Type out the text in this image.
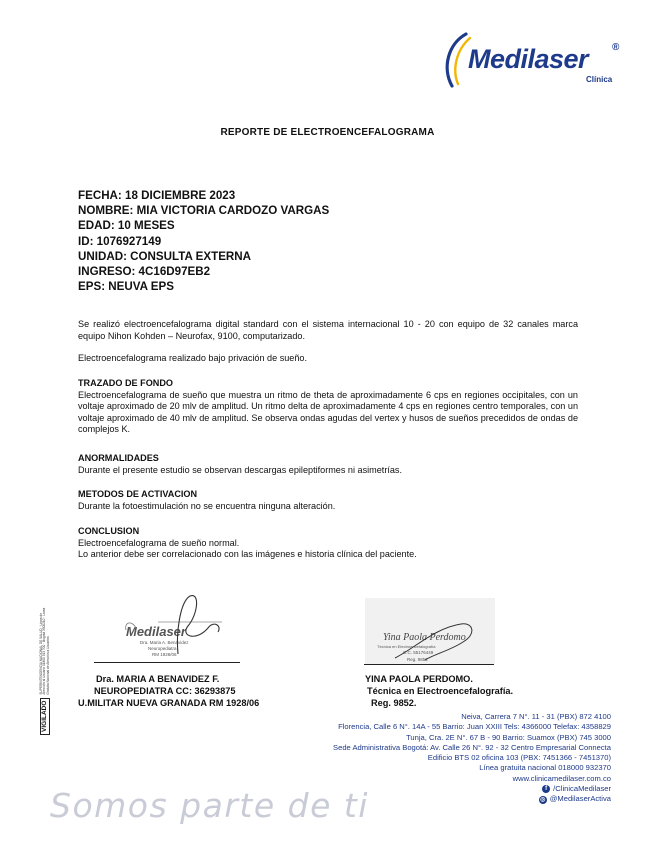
Medilaser ®
Clínica
REPORTE DE ELECTROENCEFALOGRAMA
FECHA: 18 DICIEMBRE 2023
NOMBRE: MIA VICTORIA CARDOZO VARGAS
EDAD: 10 MESES
ID: 1076927149
UNIDAD: CONSULTA EXTERNA
INGRESO: 4C16D97EB2
EPS: NEUVA EPS
Se realizó electroencefalograma digital standard con el sistema internacional 10 - 20 con equipo de 32 canales marca equipo Nihon Kohden – Neurofax, 9100, computarizado.
Electroencefalograma realizado bajo privación de sueño.
TRAZADO DE FONDO
Electroencefalograma de sueño que muestra un ritmo de theta de aproximadamente 6 cps en regiones occipitales, con un voltaje aproximado de 20 mlv de amplitud. Un ritmo delta de aproximadamente 4 cps en regiones centro temporales, con un voltaje aproximado de 40 mlv de amplitud. Se observa ondas agudas del vertex y husos de sueños precedidos de ondas de complejos K.
ANORMALIDADES
Durante el presente estudio se observan descargas epileptiformes ni asimetrías.
METODOS DE ACTIVACION
Durante la fotoestimulación no se encuentra ninguna alteración.
CONCLUSION
Electroencefalograma de sueño normal.
Lo anterior debe ser correlacionado con las imágenes e historia clínica del paciente.
VIGILADO
SUPERINTENDENCIA NACIONAL DE SALUD · Línea de Atención al Usuario 01800 513 700 · Bogotá 3300210 · Línea Gratuita Nacional de Atención a Usuarios
Medilaser
Dra. Maria A. Benavidez
Neuropediatra
RM 1928/06
Dra. MARIA A BENAVIDEZ F.
NEUROPEDIATRA CC: 36293875
U.MILITAR NUEVA GRANADA RM 1928/06
Yina Paola Perdomo
Técnica en Electroencefalografía
C.C. 55176449
Reg. 9852
YINA PAOLA PERDOMO.
Técnica en Electroencefalografía.
Reg. 9852.
Neiva, Carrera 7 N°. 11 - 31 (PBX) 872 4100
Florencia, Calle 6 N°. 14A - 55 Barrio: Juan XXIII Tels: 4366000 Telefax: 4358829
Tunja, Cra. 2E N°. 67 B - 90 Barrio: Suamox (PBX) 745 3000
Sede Administrativa Bogotá: Av. Calle 26 N°. 92 - 32 Centro Empresarial Connecta
Edificio BTS 02 oficina 103 (PBX: 7451366 - 7451370)
Línea gratuita nacional 018000 932370
www.clinicamedilaser.com.co
f /ClinicaMedilaser
◎ @MedilaserActiva
Somos parte de ti
